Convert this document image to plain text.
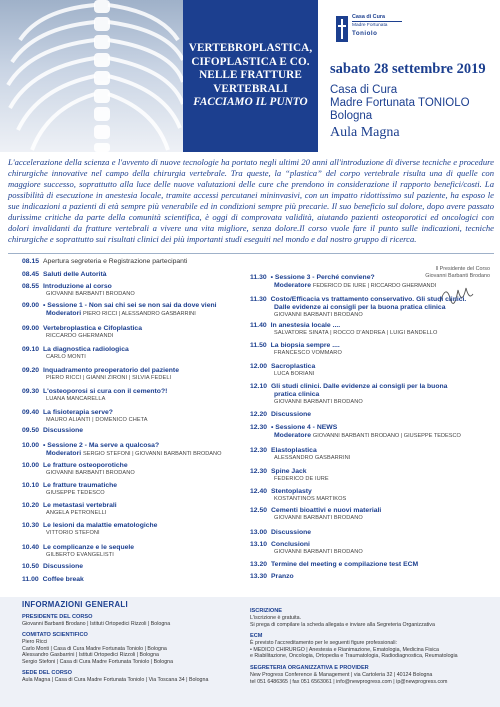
VERTEBROPLASTICA,
CIFOPLASTICA E CO.
NELLE FRATTURE
VERTEBRALI
FACCIAMO IL PUNTO
Casa di Cura
Madre Fortunata
Toniolo
sabato 28 settembre 2019
Casa di Cura
Madre Fortunata TONIOLO
Bologna
Aula Magna
L'accelerazione della scienza e l'avvento di nuove tecnologie ha portato negli ultimi 20 anni all'introduzione di diverse tecniche e procedure chirurgiche innovative nel campo della chirurgia vertebrale. Tra queste, la “plastica” del corpo vertebrale risulta una di quelle con maggiore successo, soprattutto alla luce delle nuove valutazioni delle cure che prendono in considerazione il rapporto benefici/costi. La possibilità di esecuzione in anestesia locale, tramite accessi percutanei mininvasivi, con un impatto ridottissimo sul paziente, ha esposo le sue indicazioni a pazienti di età sempre più venerabile ed in condizioni sempre più precarie. Il suo beneficio sul dolore, dopo avere passato durissime critiche da parte della comunità scientifica, è oggi di comprovata validità, aiutando pazienti osteoporotici ed oncologici con dolori invalidanti da fratture vertebrali a vivere una vita migliore, senza dolore.Il corso vuole fare il punto sulle indicazioni, tecniche chirurgiche e soprattutto sui risultati clinici dei più importanti studi eseguiti nel mondo e dal nostro gruppo di ricerca.
Il Presidente del Corso
Giovanni Barbanti Brodano
08.15 Apertura segreteria e Registrazione partecipanti
08.45 Saluti delle Autorità
08.55 Introduzione al corso
GIOVANNI BARBANTI BRODANO
09.00 • Sessione 1 - Non sai chi sei se non sai da dove vieni
Moderatori PIERO RICCI | ALESSANDRO GASBARRINI
09.00 Vertebroplastica e Cifoplastica
RICCARDO GHERMANDI
09.10 La diagnostica radiologica
CARLO MONTI
09.20 Inquadramento preoperatorio del paziente
PIERO RICCI | GIANNI ZIRONI | SILVIA FEDELI
09.30 L'osteoporosi si cura con il cemento?!
LUANA MANCARELLA
09.40 La fisioterapia serve?
MAURO ALIANTI | DOMENICO CHETA
09.50 Discussione
10.00 • Sessione 2 - Ma serve a qualcosa?
Moderatori SERGIO STEFONI | GIOVANNI BARBANTI BRODANO
10.00 Le fratture osteoporotiche
GIOVANNI BARBANTI BRODANO
10.10 Le fratture traumatiche
GIUSEPPE TEDESCO
10.20 Le metastasi vertebrali
ANGELA PETRONELLI
10.30 Le lesioni da malattie ematologiche
VITTORIO STEFONI
10.40 Le complicanze e le sequele
GILBERTO EVANGELISTI
10.50 Discussione
11.00 Coffee break
11.30 • Sessione 3 - Perché conviene?
Moderatore FEDERICO DE IURE | RICCARDO GHERMANDI
11.30 Costo/Efficacia vs trattamento conservativo. Gli studi clinici.
Dalle evidenze ai consigli per la buona pratica clinica
GIOVANNI BARBANTI BRODANO
11.40 In anestesia locale ....
SALVATORE SINATA | ROCCO D'ANDREA | LUIGI BANDELLO
11.50 La biopsia sempre ....
FRANCESCO VOMMARO
12.00 Sacroplastica
LUCA BORIANI
12.10 Gli studi clinici. Dalle evidenze ai consigli per la buona
pratica clinica
GIOVANNI BARBANTI BRODANO
12.20 Discussione
12.30 • Sessione 4 - NEWS
Moderatore GIOVANNI BARBANTI BRODANO | GIUSEPPE TEDESCO
12.30 Elastoplastica
ALESSANDRO GASBARRINI
12.30 Spine Jack
FEDERICO DE IURE
12.40 Stentoplasty
KOSTANTINOS MARTIKOS
12.50 Cementi bioattivi e nuovi materiali
GIOVANNI BARBANTI BRODANO
13.00 Discussione
13.10 Conclusioni
GIOVANNI BARBANTI BRODANO
13.20 Termine del meeting e compilazione test ECM
13.30 Pranzo
INFORMAZIONI GENERALI
PRESIDENTE DEL CORSO
Giovanni Barbanti Brodano | Istituti Ortopedici Rizzoli | Bologna
COMITATO SCIENTIFICO
Piero Ricci
Carlo Monti | Casa di Cura Madre Fortunata Toniolo | Bologna
Alessandro Gasbarrini | Istituti Ortopedici Rizzoli | Bologna
Sergio Stefoni | Casa di Cura Madre Fortunata Toniolo | Bologna
SEDE DEL CORSO
Aula Magna | Casa di Cura Madre Fortunata Toniolo | Via Toscana 34 | Bologna
ISCRIZIONE
L'iscrizione è gratuita.
Si prega di compilare la scheda allegata e inviare alla Segreteria Organizzativa
ECM
È previsto l'accreditamento per le seguenti figure professionali:
• MEDICO CHIRURGO | Anestesia e Rianimazione, Ematologia, Medicina Fisica
e Riabilitazione, Oncologia, Ortopedia e Traumatologia, Radiodiagnostica, Reumatologia
SEGRETERIA ORGANIZZATIVA E PROVIDER
New Progress Conference & Management | via Cartoleria 32 | 40124 Bologna
tel 051 6486365 | fax 051 6563061 | info@newprogress.com | ip@newprogress.com
